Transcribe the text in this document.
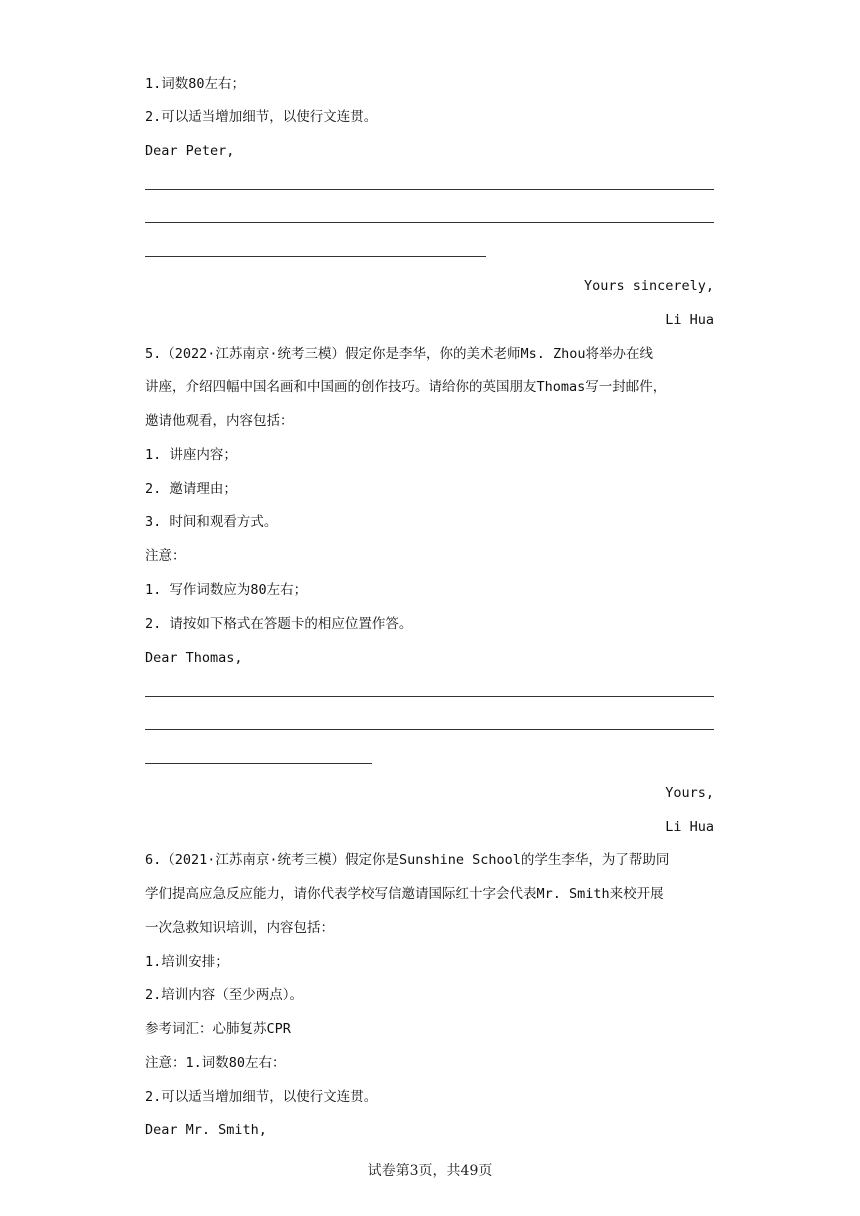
1.词数80左右；
2.可以适当增加细节，以使行文连贯。
Dear Peter,
Yours sincerely,
Li Hua
5.（2022·江苏南京·统考三模）假定你是李华，你的美术老师Ms. Zhou将举办在线
讲座，介绍四幅中国名画和中国画的创作技巧。请给你的英国朋友Thomas写一封邮件，
邀请他观看，内容包括：
1. 讲座内容；
2. 邀请理由；
3. 时间和观看方式。
注意：
1. 写作词数应为80左右；
2. 请按如下格式在答题卡的相应位置作答。
Dear Thomas,
Yours,
Li Hua
6.（2021·江苏南京·统考三模）假定你是Sunshine School的学生李华，为了帮助同
学们提高应急反应能力，请你代表学校写信邀请国际红十字会代表Mr. Smith来校开展
一次急救知识培训，内容包括：
1.培训安排；
2.培训内容（至少两点）。
参考词汇：心肺复苏CPR
注意：1.词数80左右：
2.可以适当增加细节，以使行文连贯。
Dear Mr. Smith,
试卷第3页，共49页
